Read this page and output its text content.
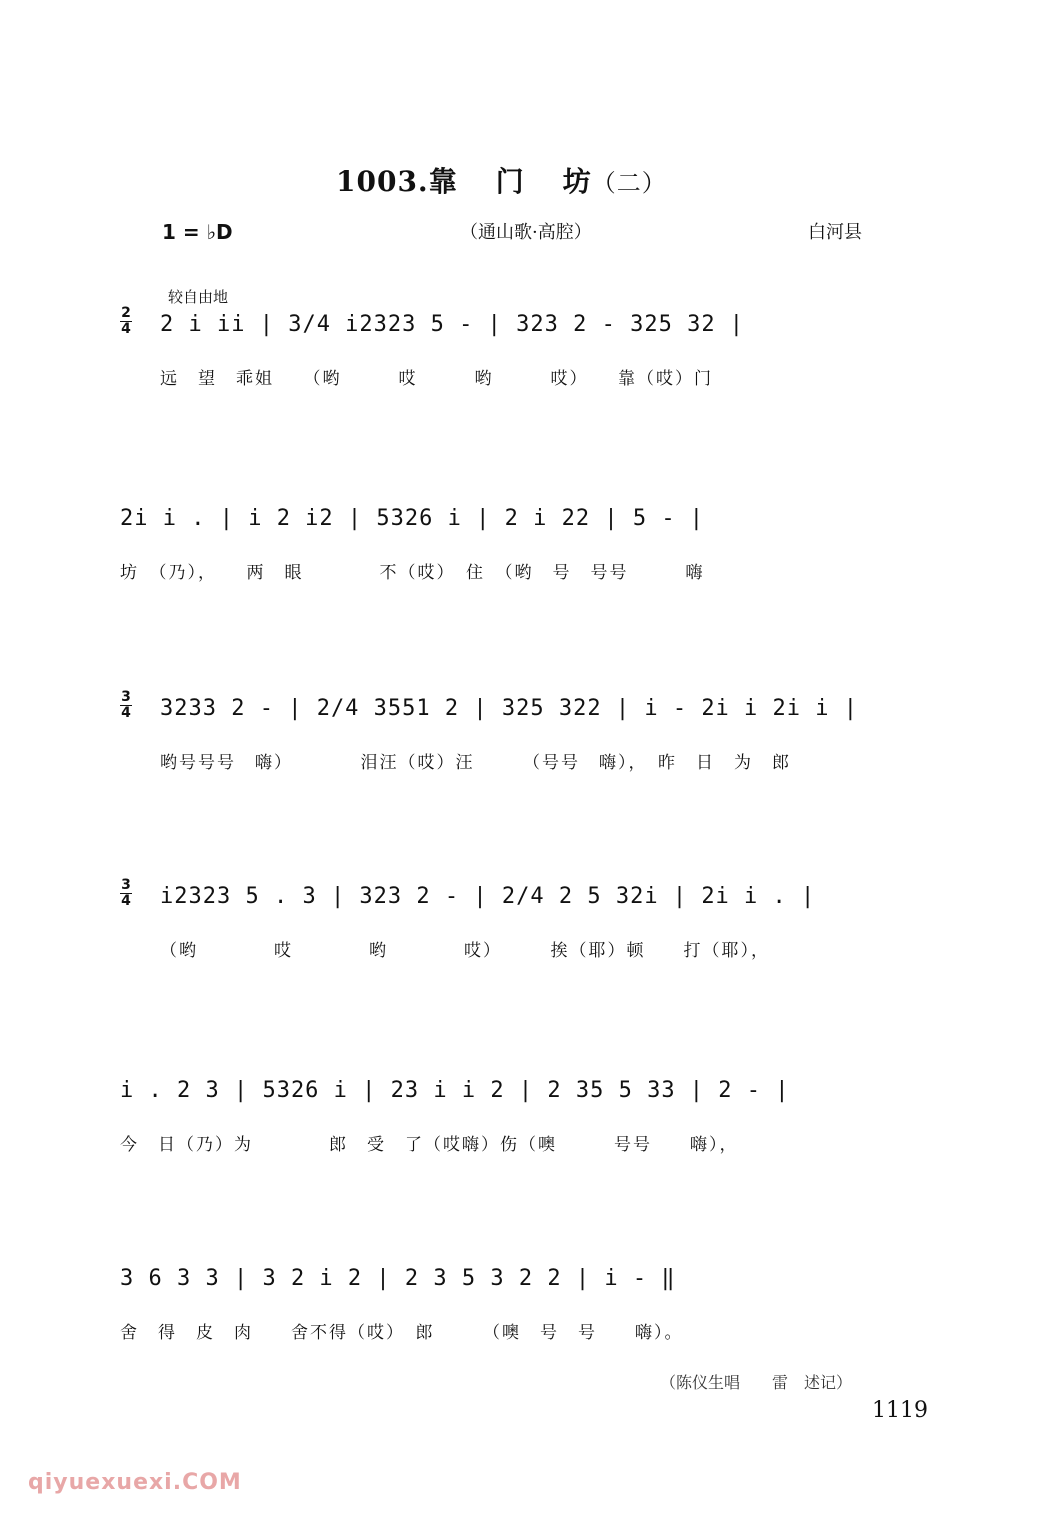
1003.靠 门 坊（二）
1 = ♭D	（通山歌·高腔）	白河县
较自由地
2
4 2 i ii | 3/4 i2323 5 - | 323 2 - 325 32 |
远　望　乖姐　　（哟　　　哎　　　哟　　　哎）　　靠（哎）门
2i i . | i 2 i2 | 5326 i | 2 i 22 | 5 - |
坊　（乃），　　两　眼　　　　不（哎）　住　（哟　号　号号　　　嗨
3
4 3233 2 - | 2/4 3551 2 | 325 322 | i - 2i i 2i i |
哟号号号　嗨）　　　　泪汪（哎）汪　　　（号号　嗨），　昨　日　为　郎
3
4 i2323 5 . 3 | 323 2 - | 2/4 2 5 32i | 2i i . |
（哟　　　　哎　　　　哟　　　　哎）　　　挨（耶）顿　　打（耶），
i . 2 3 | 5326 i | 23 i i 2 | 2 35 5 33 | 2 - |
今　日（乃）为　　　　郎　受　了（哎嗨）伤（噢　　　号号　　嗨），
3 6 3 3 | 3 2 i 2 | 2 3 5 3 2 2 | i - ‖
舍　得　皮　肉　　舍不得（哎）　郎　　　（噢　号　号　　嗨）。
（陈仪生唱　　雷　述记）
1119
qiyuexuexi.COM
